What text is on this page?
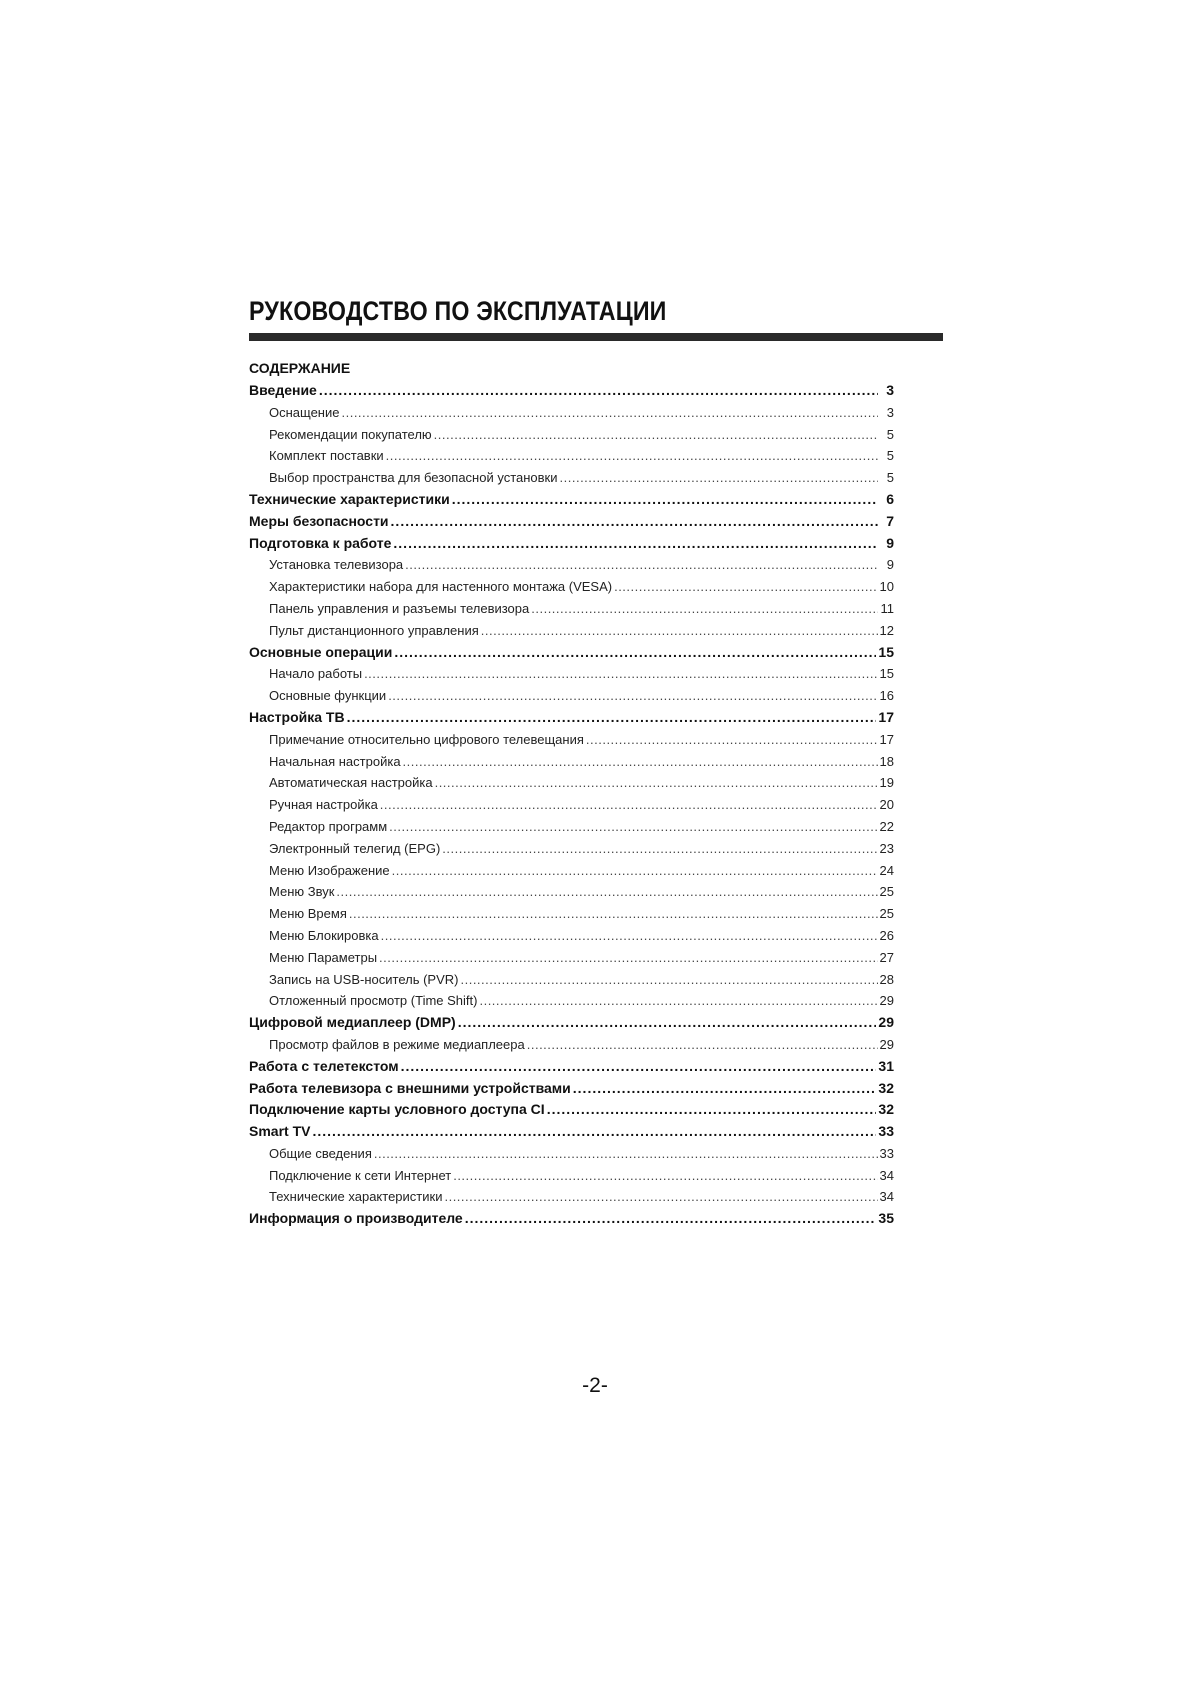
РУКОВОДСТВО ПО ЭКСПЛУАТАЦИИ
СОДЕРЖАНИЕ
Введение .....	3
Оснащение .....	3
Рекомендации покупателю .....	5
Комплект поставки .....	5
Выбор пространства для безопасной установки .....	5
Технические характеристики .....	6
Меры безопасности .....	7
Подготовка к работе .....	9
Установка телевизора .....	9
Характеристики набора для настенного монтажа (VESA) .....	10
Панель управления и разъемы телевизора .....	11
Пульт дистанционного управления .....	12
Основные операции .....	15
Начало работы .....	15
Основные функции .....	16
Настройка ТВ .....	17
Примечание относительно цифрового телевещания .....	17
Начальная настройка .....	18
Автоматическая настройка .....	19
Ручная настройка .....	20
Редактор программ .....	22
Электронный телегид (EPG) .....	23
Меню Изображение .....	24
Меню Звук .....	25
Меню Время .....	25
Меню Блокировка .....	26
Меню Параметры .....	27
Запись на USB-носитель (PVR) .....	28
Отложенный просмотр (Time Shift) .....	29
Цифровой медиаплеер (DMP) .....	29
Просмотр файлов в режиме медиаплеера .....	29
Работа с телетекстом .....	31
Работа телевизора с внешними устройствами .....	32
Подключение карты условного доступа CI .....	32
Smart TV .....	33
Общие сведения .....	33
Подключение к сети Интернет .....	34
Технические характеристики .....	34
Информация о производителе .....	35
-2-
